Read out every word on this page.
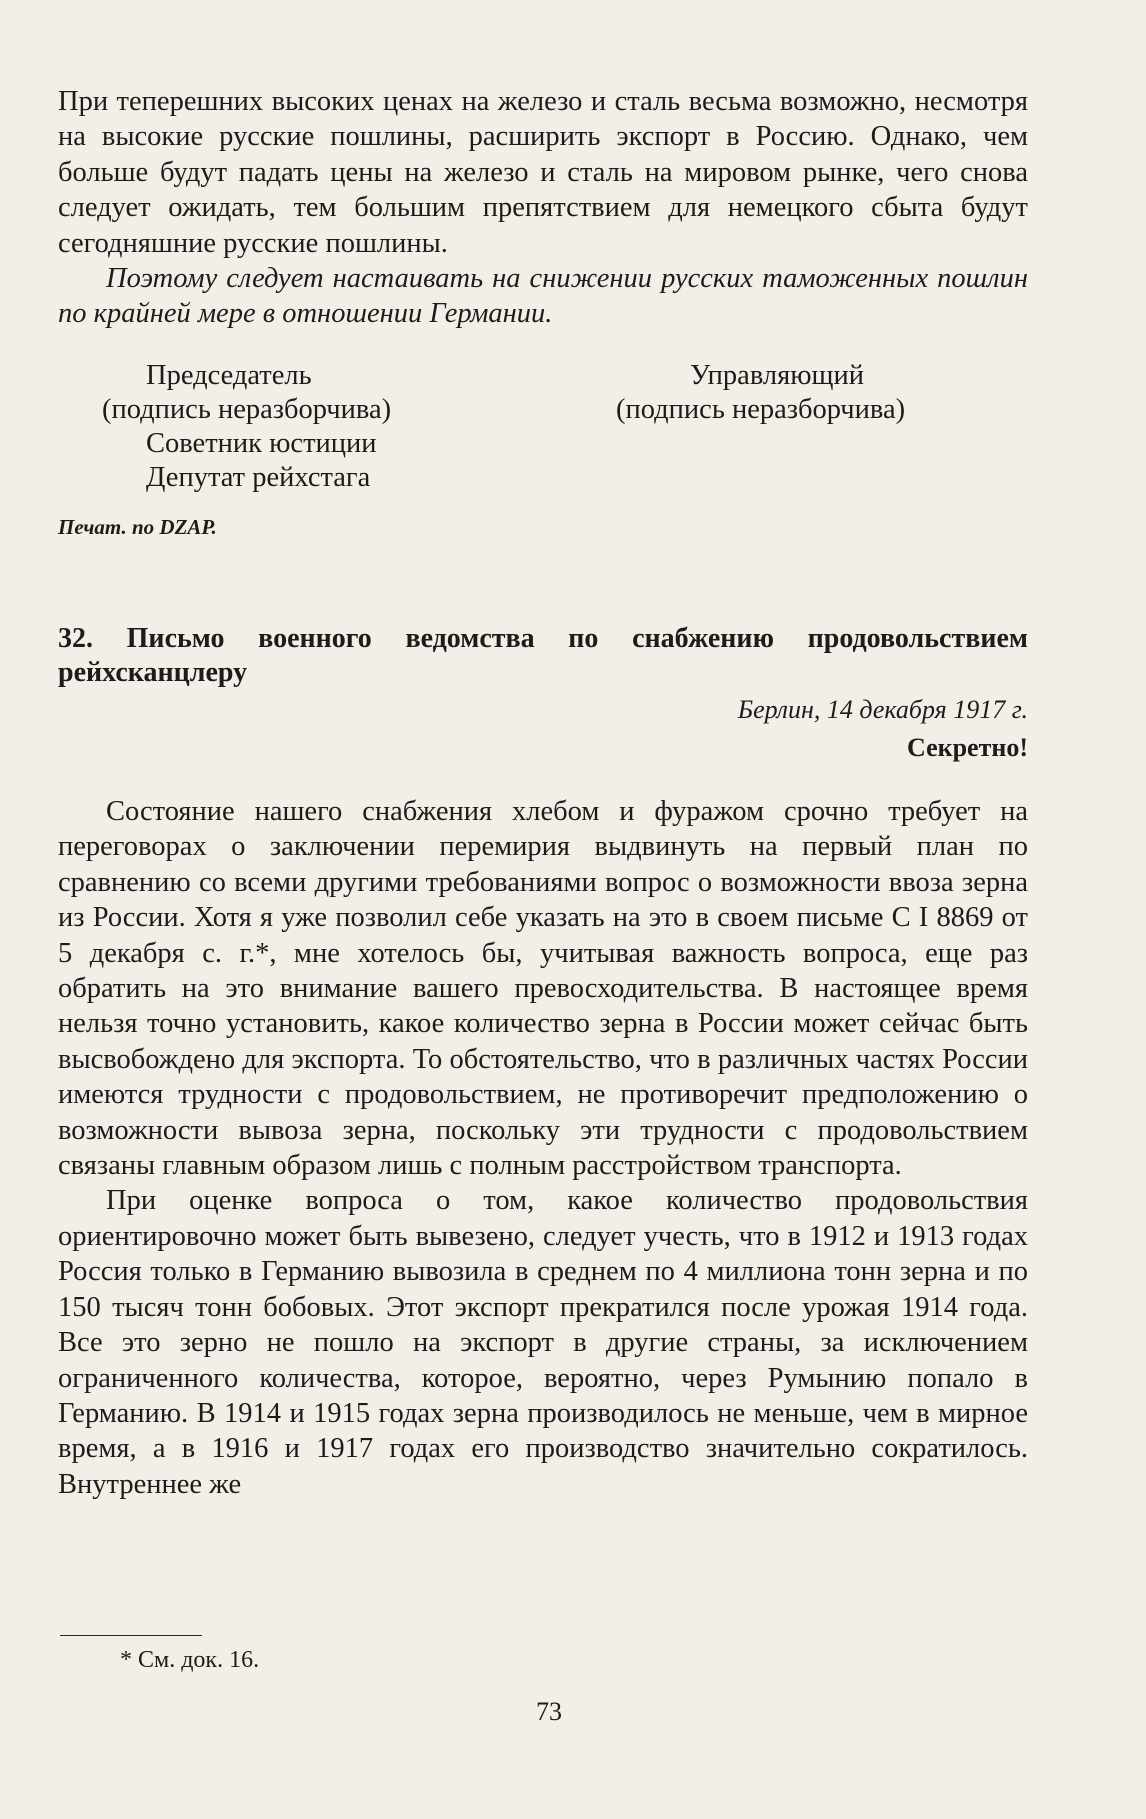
При теперешних высоких ценах на железо и сталь весьма возможно, несмотря на высокие русские пошлины, расширить экспорт в Россию. Однако, чем больше будут падать цены на железо и сталь на мировом рынке, чего снова следует ожидать, тем большим препятствием для немецкого сбыта будут сегодняшние русские пошлины.

Поэтому следует настаивать на снижении русских таможенных пошлин по крайней мере в отношении Германии.

Председатель
(подпись неразборчива)
Советник юстиции
Депутат рейхстага
Управляющий
(подпись неразборчива)
Печат. по DZAP.
32. Письмо военного ведомства по снабжению продовольствием рейхсканцлеру
Берлин, 14 декабря 1917 г.
Секретно!

Состояние нашего снабжения хлебом и фуражом срочно требует на переговорах о заключении перемирия выдвинуть на первый план по сравнению со всеми другими требованиями вопрос о возможности ввоза зерна из России. Хотя я уже позволил себе указать на это в своем письме С I 8869 от 5 декабря с. г.*, мне хотелось бы, учитывая важность вопроса, еще раз обратить на это внимание вашего превосходительства. В настоящее время нельзя точно установить, какое количество зерна в России может сейчас быть высвобождено для экспорта. То обстоятельство, что в различных частях России имеются трудности с продовольствием, не противоречит предположению о возможности вывоза зерна, поскольку эти трудности с продовольствием связаны главным образом лишь с полным расстройством транспорта.

При оценке вопроса о том, какое количество продовольствия ориентировочно может быть вывезено, следует учесть, что в 1912 и 1913 годах Россия только в Германию вывозила в среднем по 4 миллиона тонн зерна и по 150 тысяч тонн бобовых. Этот экспорт прекратился после урожая 1914 года. Все это зерно не пошло на экспорт в другие страны, за исключением ограниченного количества, которое, вероятно, через Румынию попало в Германию. В 1914 и 1915 годах зерна производилось не меньше, чем в мирное время, а в 1916 и 1917 годах его производство значительно сократилось. Внутреннее же

* См. док. 16.
73
